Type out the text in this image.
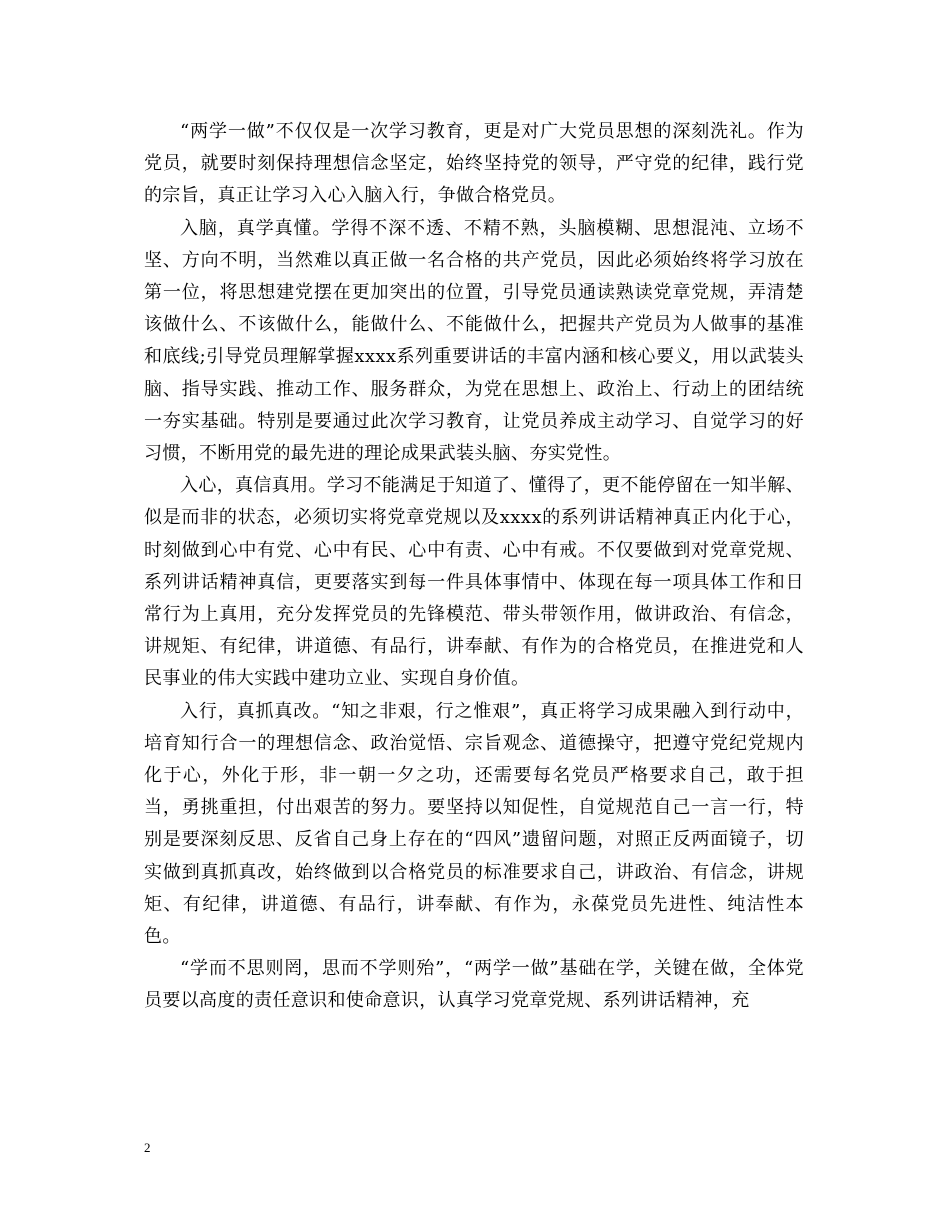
“两学一做”不仅仅是一次学习教育，更是对广大党员思想的深刻洗礼。作为党员，就要时刻保持理想信念坚定，始终坚持党的领导，严守党的纪律，践行党的宗旨，真正让学习入心入脑入行，争做合格党员。

入脑，真学真懂。学得不深不透、不精不熟，头脑模糊、思想混沌、立场不坚、方向不明，当然难以真正做一名合格的共产党员，因此必须始终将学习放在第一位，将思想建党摆在更加突出的位置，引导党员通读熟读党章党规，弄清楚该做什么、不该做什么，能做什么、不能做什么，把握共产党员为人做事的基准和底线;引导党员理解掌握xxxx系列重要讲话的丰富内涵和核心要义，用以武装头脑、指导实践、推动工作、服务群众，为党在思想上、政治上、行动上的团结统一夯实基础。特别是要通过此次学习教育，让党员养成主动学习、自觉学习的好习惯，不断用党的最先进的理论成果武装头脑、夯实党性。

入心，真信真用。学习不能满足于知道了、懂得了，更不能停留在一知半解、似是而非的状态，必须切实将党章党规以及xxxx的系列讲话精神真正内化于心，时刻做到心中有党、心中有民、心中有责、心中有戒。不仅要做到对党章党规、系列讲话精神真信，更要落实到每一件具体事情中、体现在每一项具体工作和日常行为上真用，充分发挥党员的先锋模范、带头带领作用，做讲政治、有信念，讲规矩、有纪律，讲道德、有品行，讲奉献、有作为的合格党员，在推进党和人民事业的伟大实践中建功立业、实现自身价值。

入行，真抓真改。“知之非艰，行之惟艰”，真正将学习成果融入到行动中，培育知行合一的理想信念、政治觉悟、宗旨观念、道德操守，把遵守党纪党规内化于心，外化于形，非一朝一夕之功，还需要每名党员严格要求自己，敢于担当，勇挑重担，付出艰苦的努力。要坚持以知促性，自觉规范自己一言一行，特别是要深刻反思、反省自己身上存在的“四风”遗留问题，对照正反两面镜子，切实做到真抓真改，始终做到以合格党员的标准要求自己，讲政治、有信念，讲规矩、有纪律，讲道德、有品行，讲奉献、有作为，永葆党员先进性、纯洁性本色。

“学而不思则罔，思而不学则殆”，“两学一做”基础在学，关键在做，全体党员要以高度的责任意识和使命意识，认真学习党章党规、系列讲话精神，充

2
